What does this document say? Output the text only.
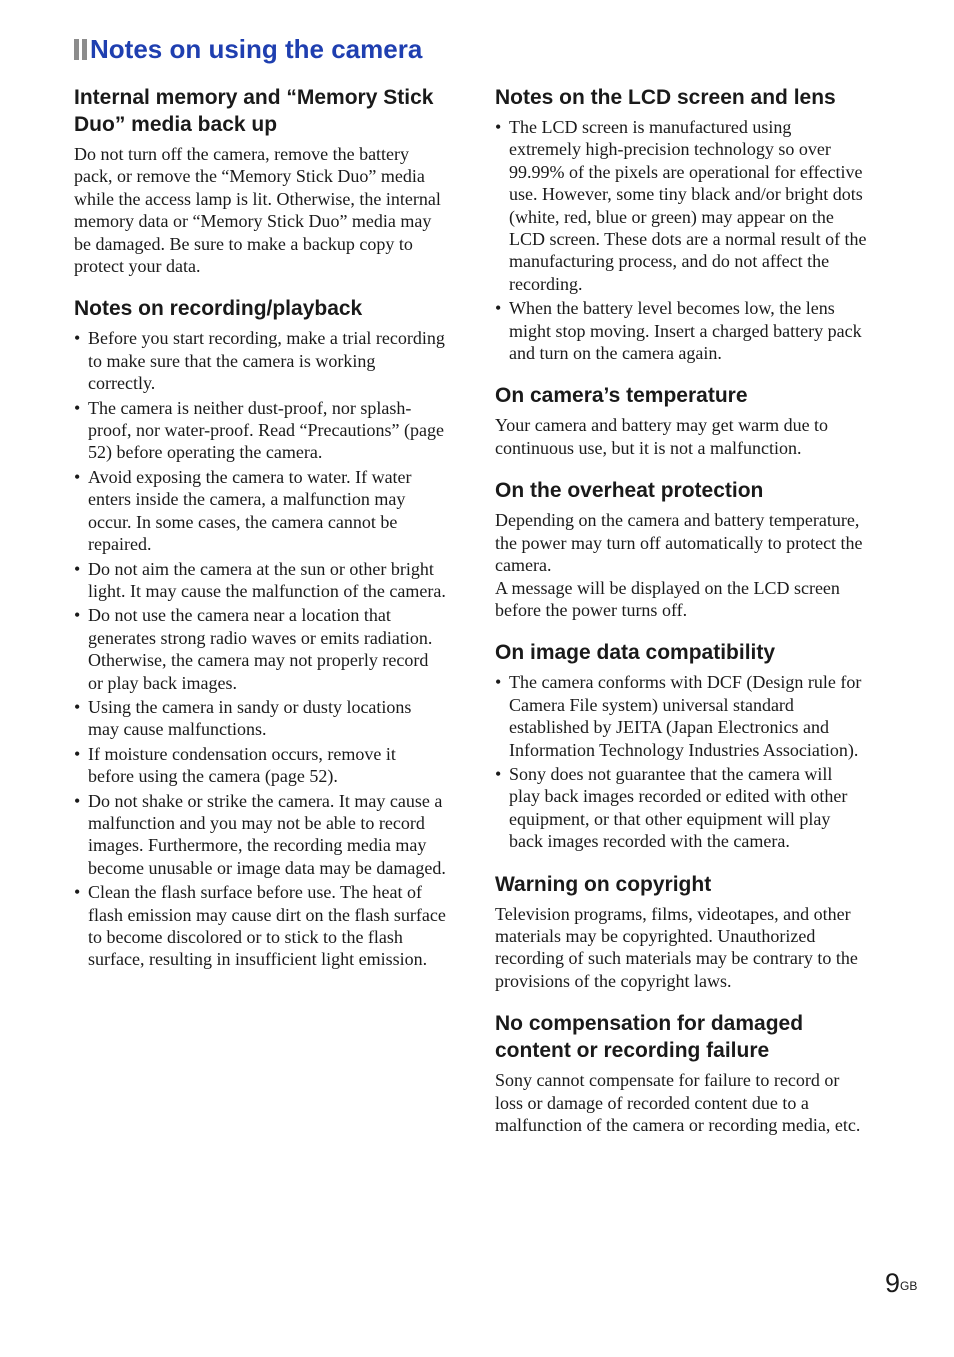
Notes on using the camera
Internal memory and “Memory Stick Duo” media back up

Do not turn off the camera, remove the battery pack, or remove the “Memory Stick Duo” media while the access lamp is lit. Otherwise, the internal memory data or “Memory Stick Duo” media may be damaged. Be sure to make a backup copy to protect your data.

Notes on recording/playback
• Before you start recording, make a trial recording to make sure that the camera is working correctly.
• The camera is neither dust-proof, nor splash-proof, nor water-proof. Read “Precautions” (page 52) before operating the camera.
• Avoid exposing the camera to water. If water enters inside the camera, a malfunction may occur. In some cases, the camera cannot be repaired.
• Do not aim the camera at the sun or other bright light. It may cause the malfunction of the camera.
• Do not use the camera near a location that generates strong radio waves or emits radiation. Otherwise, the camera may not properly record or play back images.
• Using the camera in sandy or dusty locations may cause malfunctions.
• If moisture condensation occurs, remove it before using the camera (page 52).
• Do not shake or strike the camera. It may cause a malfunction and you may not be able to record images. Furthermore, the recording media may become unusable or image data may be damaged.
• Clean the flash surface before use. The heat of flash emission may cause dirt on the flash surface to become discolored or to stick to the flash surface, resulting in insufficient light emission.
Notes on the LCD screen and lens
• The LCD screen is manufactured using extremely high-precision technology so over 99.99% of the pixels are operational for effective use. However, some tiny black and/or bright dots (white, red, blue or green) may appear on the LCD screen. These dots are a normal result of the manufacturing process, and do not affect the recording.
• When the battery level becomes low, the lens might stop moving. Insert a charged battery pack and turn on the camera again.
On camera’s temperature

Your camera and battery may get warm due to continuous use, but it is not a malfunction.

On the overheat protection

Depending on the camera and battery temperature, the power may turn off automatically to protect the camera.

A message will be displayed on the LCD screen before the power turns off.

On image data compatibility
• The camera conforms with DCF (Design rule for Camera File system) universal standard established by JEITA (Japan Electronics and Information Technology Industries Association).
• Sony does not guarantee that the camera will play back images recorded or edited with other equipment, or that other equipment will play back images recorded with the camera.
Warning on copyright

Television programs, films, videotapes, and other materials may be copyrighted. Unauthorized recording of such materials may be contrary to the provisions of the copyright laws.

No compensation for damaged content or recording failure

Sony cannot compensate for failure to record or loss or damage of recorded content due to a malfunction of the camera or recording media, etc.

$9^{GB}$
